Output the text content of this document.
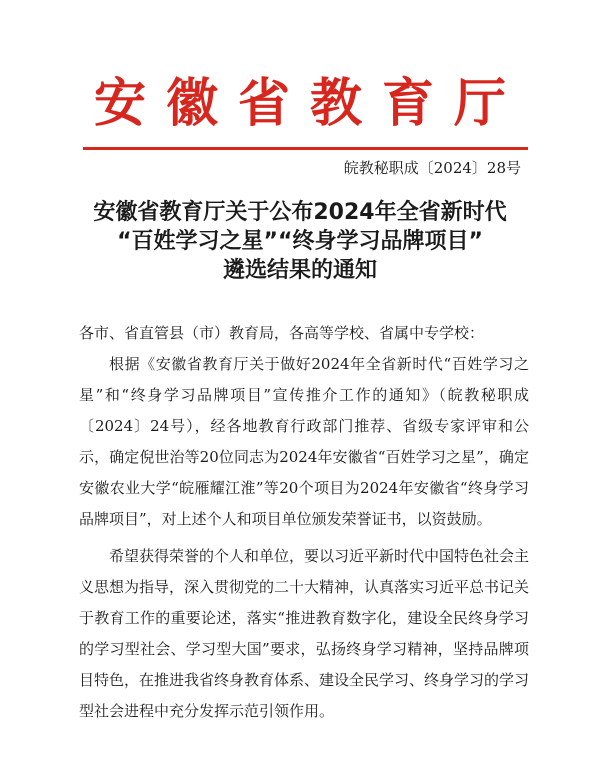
安徽省教育厅
皖教秘职成〔2024〕28号
安徽省教育厅关于公布2024年全省新时代
“百姓学习之星”“终身学习品牌项目”
遴选结果的通知

各市、省直管县（市）教育局，各高等学校、省属中专学校：

根据《安徽省教育厅关于做好2024年全省新时代“百姓学习之星”和“终身学习品牌项目”宣传推介工作的通知》（皖教秘职成〔2024〕24号），经各地教育行政部门推荐、省级专家评审和公示，确定倪世治等20位同志为2024年安徽省“百姓学习之星”，确定安徽农业大学“皖雁耀江淮”等20个项目为2024年安徽省“终身学习品牌项目”，对上述个人和项目单位颁发荣誉证书，以资鼓励。

希望获得荣誉的个人和单位，要以习近平新时代中国特色社会主义思想为指导，深入贯彻党的二十大精神，认真落实习近平总书记关于教育工作的重要论述，落实“推进教育数字化，建设全民终身学习的学习型社会、学习型大国”要求，弘扬终身学习精神，坚持品牌项目特色，在推进我省终身教育体系、建设全民学习、终身学习的学习型社会进程中充分发挥示范引领作用。
